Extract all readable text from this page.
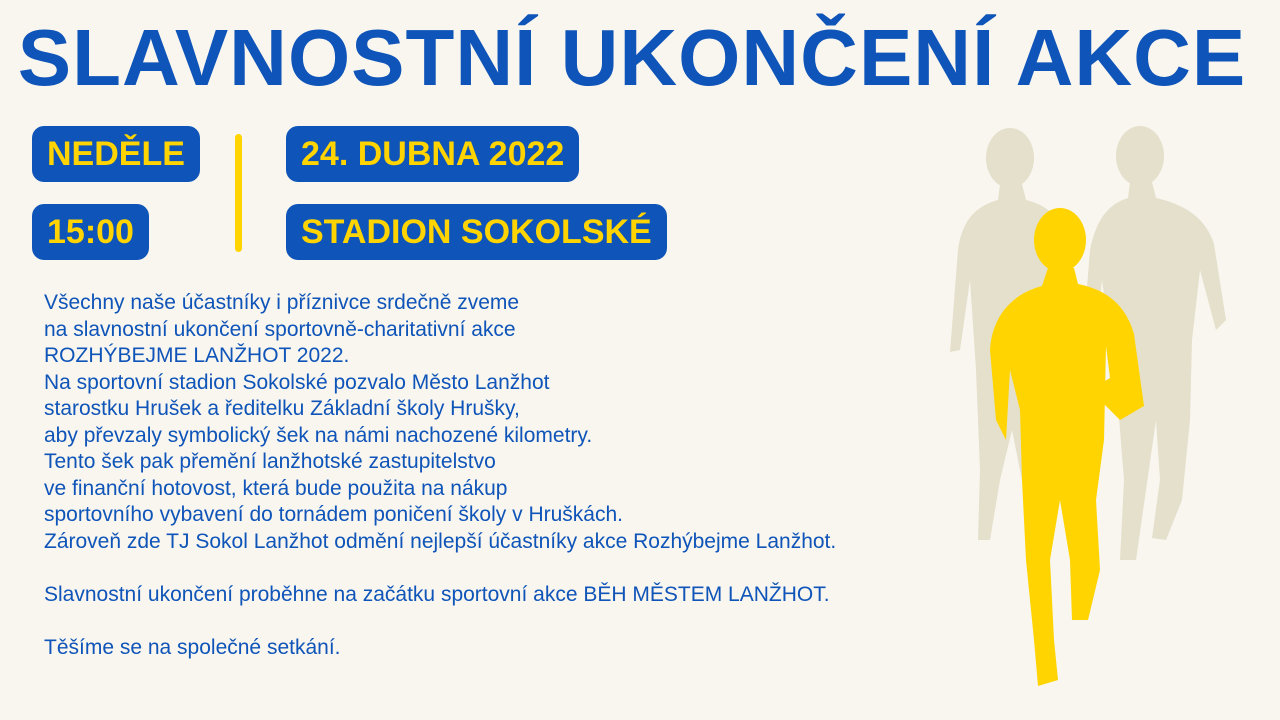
SLAVNOSTNÍ UKONČENÍ AKCE
NEDĚLE
15:00
24. DUBNA 2022
STADION SOKOLSKÉ
Všechny naše účastníky i příznivce srdečně zveme
na slavnostní ukončení sportovně-charitativní akce
ROZHÝBEJME LANŽHOT 2022.
Na sportovní stadion Sokolské pozvalo Město Lanžhot
starostku Hrušek a ředitelku Základní školy Hrušky,
aby převzaly symbolický šek na námi nachozené kilometry.
Tento šek pak přemění lanžhotské zastupitelstvo
ve finanční hotovost, která bude použita na nákup
sportovního vybavení do tornádem poničení školy v Hruškách.
Zároveň zde TJ Sokol Lanžhot odmění nejlepší účastníky akce Rozhýbejme Lanžhot.
Slavnostní ukončení proběhne na začátku sportovní akce BĚH MĚSTEM LANŽHOT.
Těšíme se na společné setkání.
